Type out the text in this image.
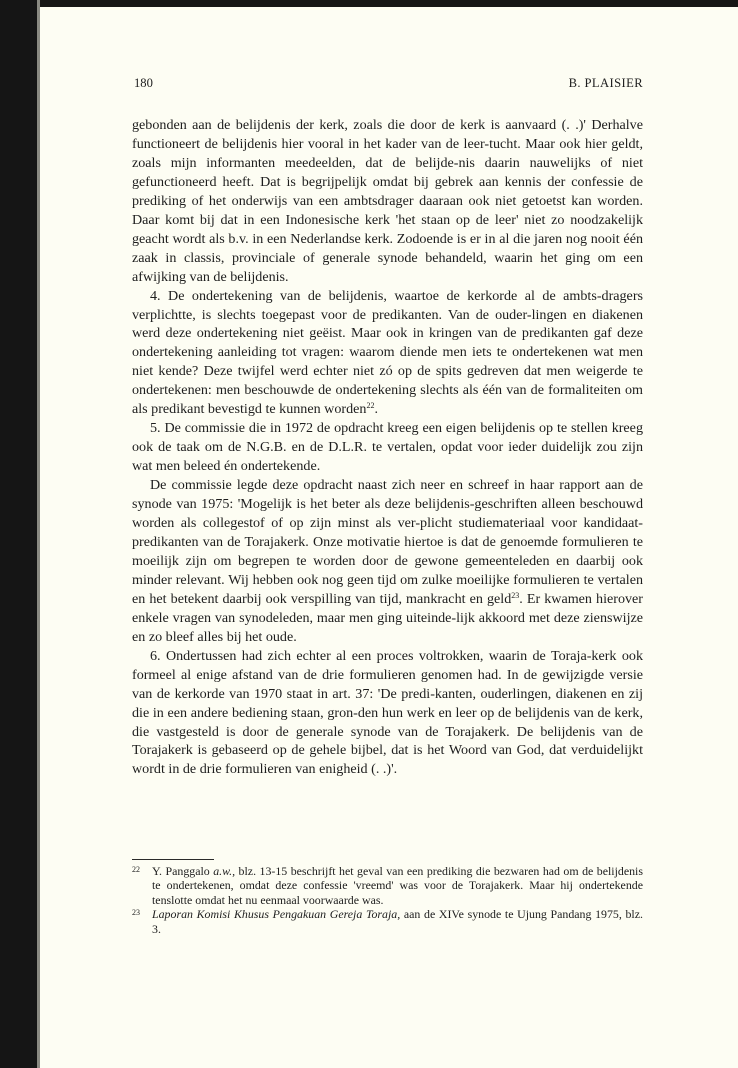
180	B. PLAISIER

gebonden aan de belijdenis der kerk, zoals die door de kerk is aanvaard (. .)' Derhalve functioneert de belijdenis hier vooral in het kader van de leer-tucht. Maar ook hier geldt, zoals mijn informanten meedeelden, dat de belijde-nis daarin nauwelijks of niet gefunctioneerd heeft. Dat is begrijpelijk omdat bij gebrek aan kennis der confessie de prediking of het onderwijs van een ambtsdrager daaraan ook niet getoetst kan worden. Daar komt bij dat in een Indonesische kerk 'het staan op de leer' niet zo noodzakelijk geacht wordt als b.v. in een Nederlandse kerk. Zodoende is er in al die jaren nog nooit één zaak in classis, provinciale of generale synode behandeld, waarin het ging om een afwijking van de belijdenis.

4. De ondertekening van de belijdenis, waartoe de kerkorde al de ambts-dragers verplichtte, is slechts toegepast voor de predikanten. Van de ouder-lingen en diakenen werd deze ondertekening niet geëist. Maar ook in kringen van de predikanten gaf deze ondertekening aanleiding tot vragen: waarom diende men iets te ondertekenen wat men niet kende? Deze twijfel werd echter niet zó op de spits gedreven dat men weigerde te ondertekenen: men beschouwde de ondertekening slechts als één van de formaliteiten om als predikant bevestigd te kunnen worden$^{22}$.

5. De commissie die in 1972 de opdracht kreeg een eigen belijdenis op te stellen kreeg ook de taak om de N.G.B. en de D.L.R. te vertalen, opdat voor ieder duidelijk zou zijn wat men beleed én ondertekende.

De commissie legde deze opdracht naast zich neer en schreef in haar rapport aan de synode van 1975: 'Mogelijk is het beter als deze belijdenis-geschriften alleen beschouwd worden als collegestof of op zijn minst als ver-plicht studiemateriaal voor kandidaat-predikanten van de Torajakerk. Onze motivatie hiertoe is dat de genoemde formulieren te moeilijk zijn om begrepen te worden door de gewone gemeenteleden en daarbij ook minder relevant. Wij hebben ook nog geen tijd om zulke moeilijke formulieren te vertalen en het betekent daarbij ook verspilling van tijd, mankracht en geld$^{23}$. Er kwamen hierover enkele vragen van synodeleden, maar men ging uiteinde-lijk akkoord met deze zienswijze en zo bleef alles bij het oude.

6. Ondertussen had zich echter al een proces voltrokken, waarin de Toraja-kerk ook formeel al enige afstand van de drie formulieren genomen had. In de gewijzigde versie van de kerkorde van 1970 staat in art. 37: 'De predi-kanten, ouderlingen, diakenen en zij die in een andere bediening staan, gron-den hun werk en leer op de belijdenis van de kerk, die vastgesteld is door de generale synode van de Torajakerk. De belijdenis van de Torajakerk is gebaseerd op de gehele bijbel, dat is het Woord van God, dat verduidelijkt wordt in de drie formulieren van enigheid (. .)'.

22 Y. Panggalo a.w., blz. 13-15 beschrijft het geval van een prediking die bezwaren had om de belijdenis te ondertekenen, omdat deze confessie 'vreemd' was voor de Torajakerk. Maar hij ondertekende tenslotte omdat het nu eenmaal voorwaarde was.

23 Laporan Komisi Khusus Pengakuan Gereja Toraja, aan de XIVe synode te Ujung Pandang 1975, blz. 3.
